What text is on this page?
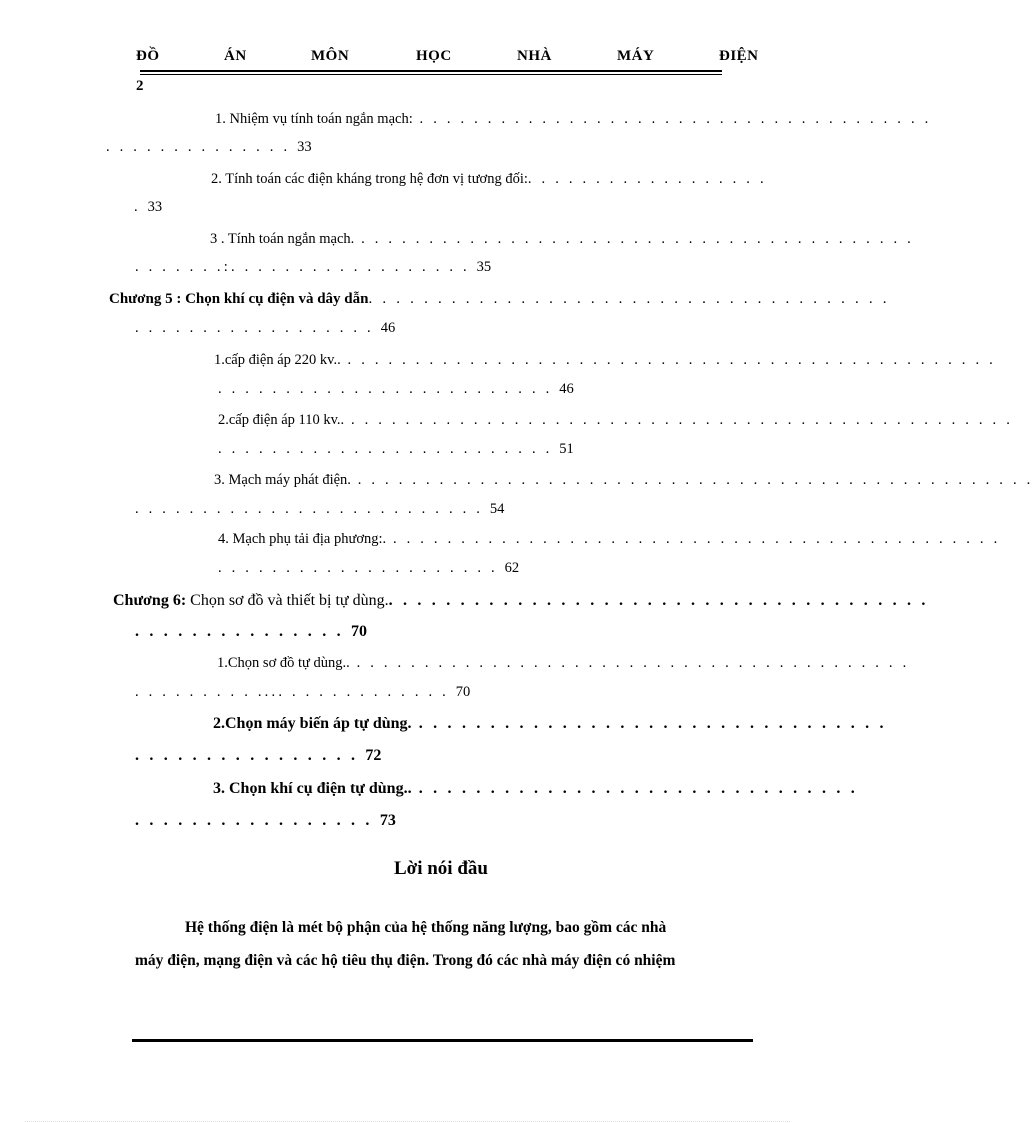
ĐỒ	ÁN	MÔN	HỌC	NHÀ	MÁY	ĐIỆN
2
1. Nhiệm vụ tính toán ngắn mạch: . . . . . . . . . . . . . . . . . . . . . . . . . . . . . . . . . . . . . .
. . . . . . . . . . . . . . 33
2. Tính toán các điện kháng trong hệ đơn vị tương đối:. . . . . . . . . . . . . . . . . .
. 33
3 . Tính toán ngắn mạch. . . . . . . . . . . . . . . . . . . . . . . . . . . . . . . . . . . . . . . . . .
. . . . . . .:. . . . . . . . . . . . . . . . . . 35
Chương 5 : Chọn khí cụ điện và dây dẫn. . . . . . . . . . . . . . . . . . . . . . . . . . . . . . . . . . . . . .
. . . . . . . . . . . . . . . . . . 46
1.cấp điện áp 220 kv.. . . . . . . . . . . . . . . . . . . . . . . . . . . . . . . . . . . . . . . . . . . . . . . . .
. . . . . . . . . . . . . . . . . . . . . . . . . 46
2.cấp điện áp 110 kv.. . . . . . . . . . . . . . . . . . . . . . . . . . . . . . . . . . . . . . . . . . . . . . . . . .
. . . . . . . . . . . . . . . . . . . . . . . . . 51
3. Mạch máy phát điện. . . . . . . . . . . . . . . . . . . . . . . . . . . . . . . . . . . . . . . . . . . . . . . . . . .
. . . . . . . . . . . . . . . . . . . . . . . . . . 54
4. Mạch phụ tải địa phương:. . . . . . . . . . . . . . . . . . . . . . . . . . . . . . . . . . . . . . . . . . . . . .
. . . . . . . . . . . . . . . . . . . . . 62
Chương 6: Chọn sơ đồ và thiết bị tự dùng.. . . . . . . . . . . . . . . . . . . . . . . . . . . . . . . . . . . . . .
. . . . . . . . . . . . . . . 70
1.Chọn sơ đồ tự dùng.. . . . . . . . . . . . . . . . . . . . . . . . . . . . . . . . . . . . . . . . . .
. . . . . . . . . .... . . . . . . . . . . . . 70
2.Chọn máy biến áp tự dùng. . . . . . . . . . . . . . . . . . . . . . . . . . . . . . . . . .
. . . . . . . . . . . . . . . . 72
3. Chọn khí cụ điện tự dùng.. . . . . . . . . . . . . . . . . . . . . . . . . . . . . . . .
. . . . . . . . . . . . . . . . . 73
Lời nói đầu
Hệ thống điện là mét bộ phận của hệ thống năng lượng, bao gồm các nhà
máy điện, mạng điện và các hộ tiêu thụ điện. Trong đó các nhà máy điện có nhiệm
